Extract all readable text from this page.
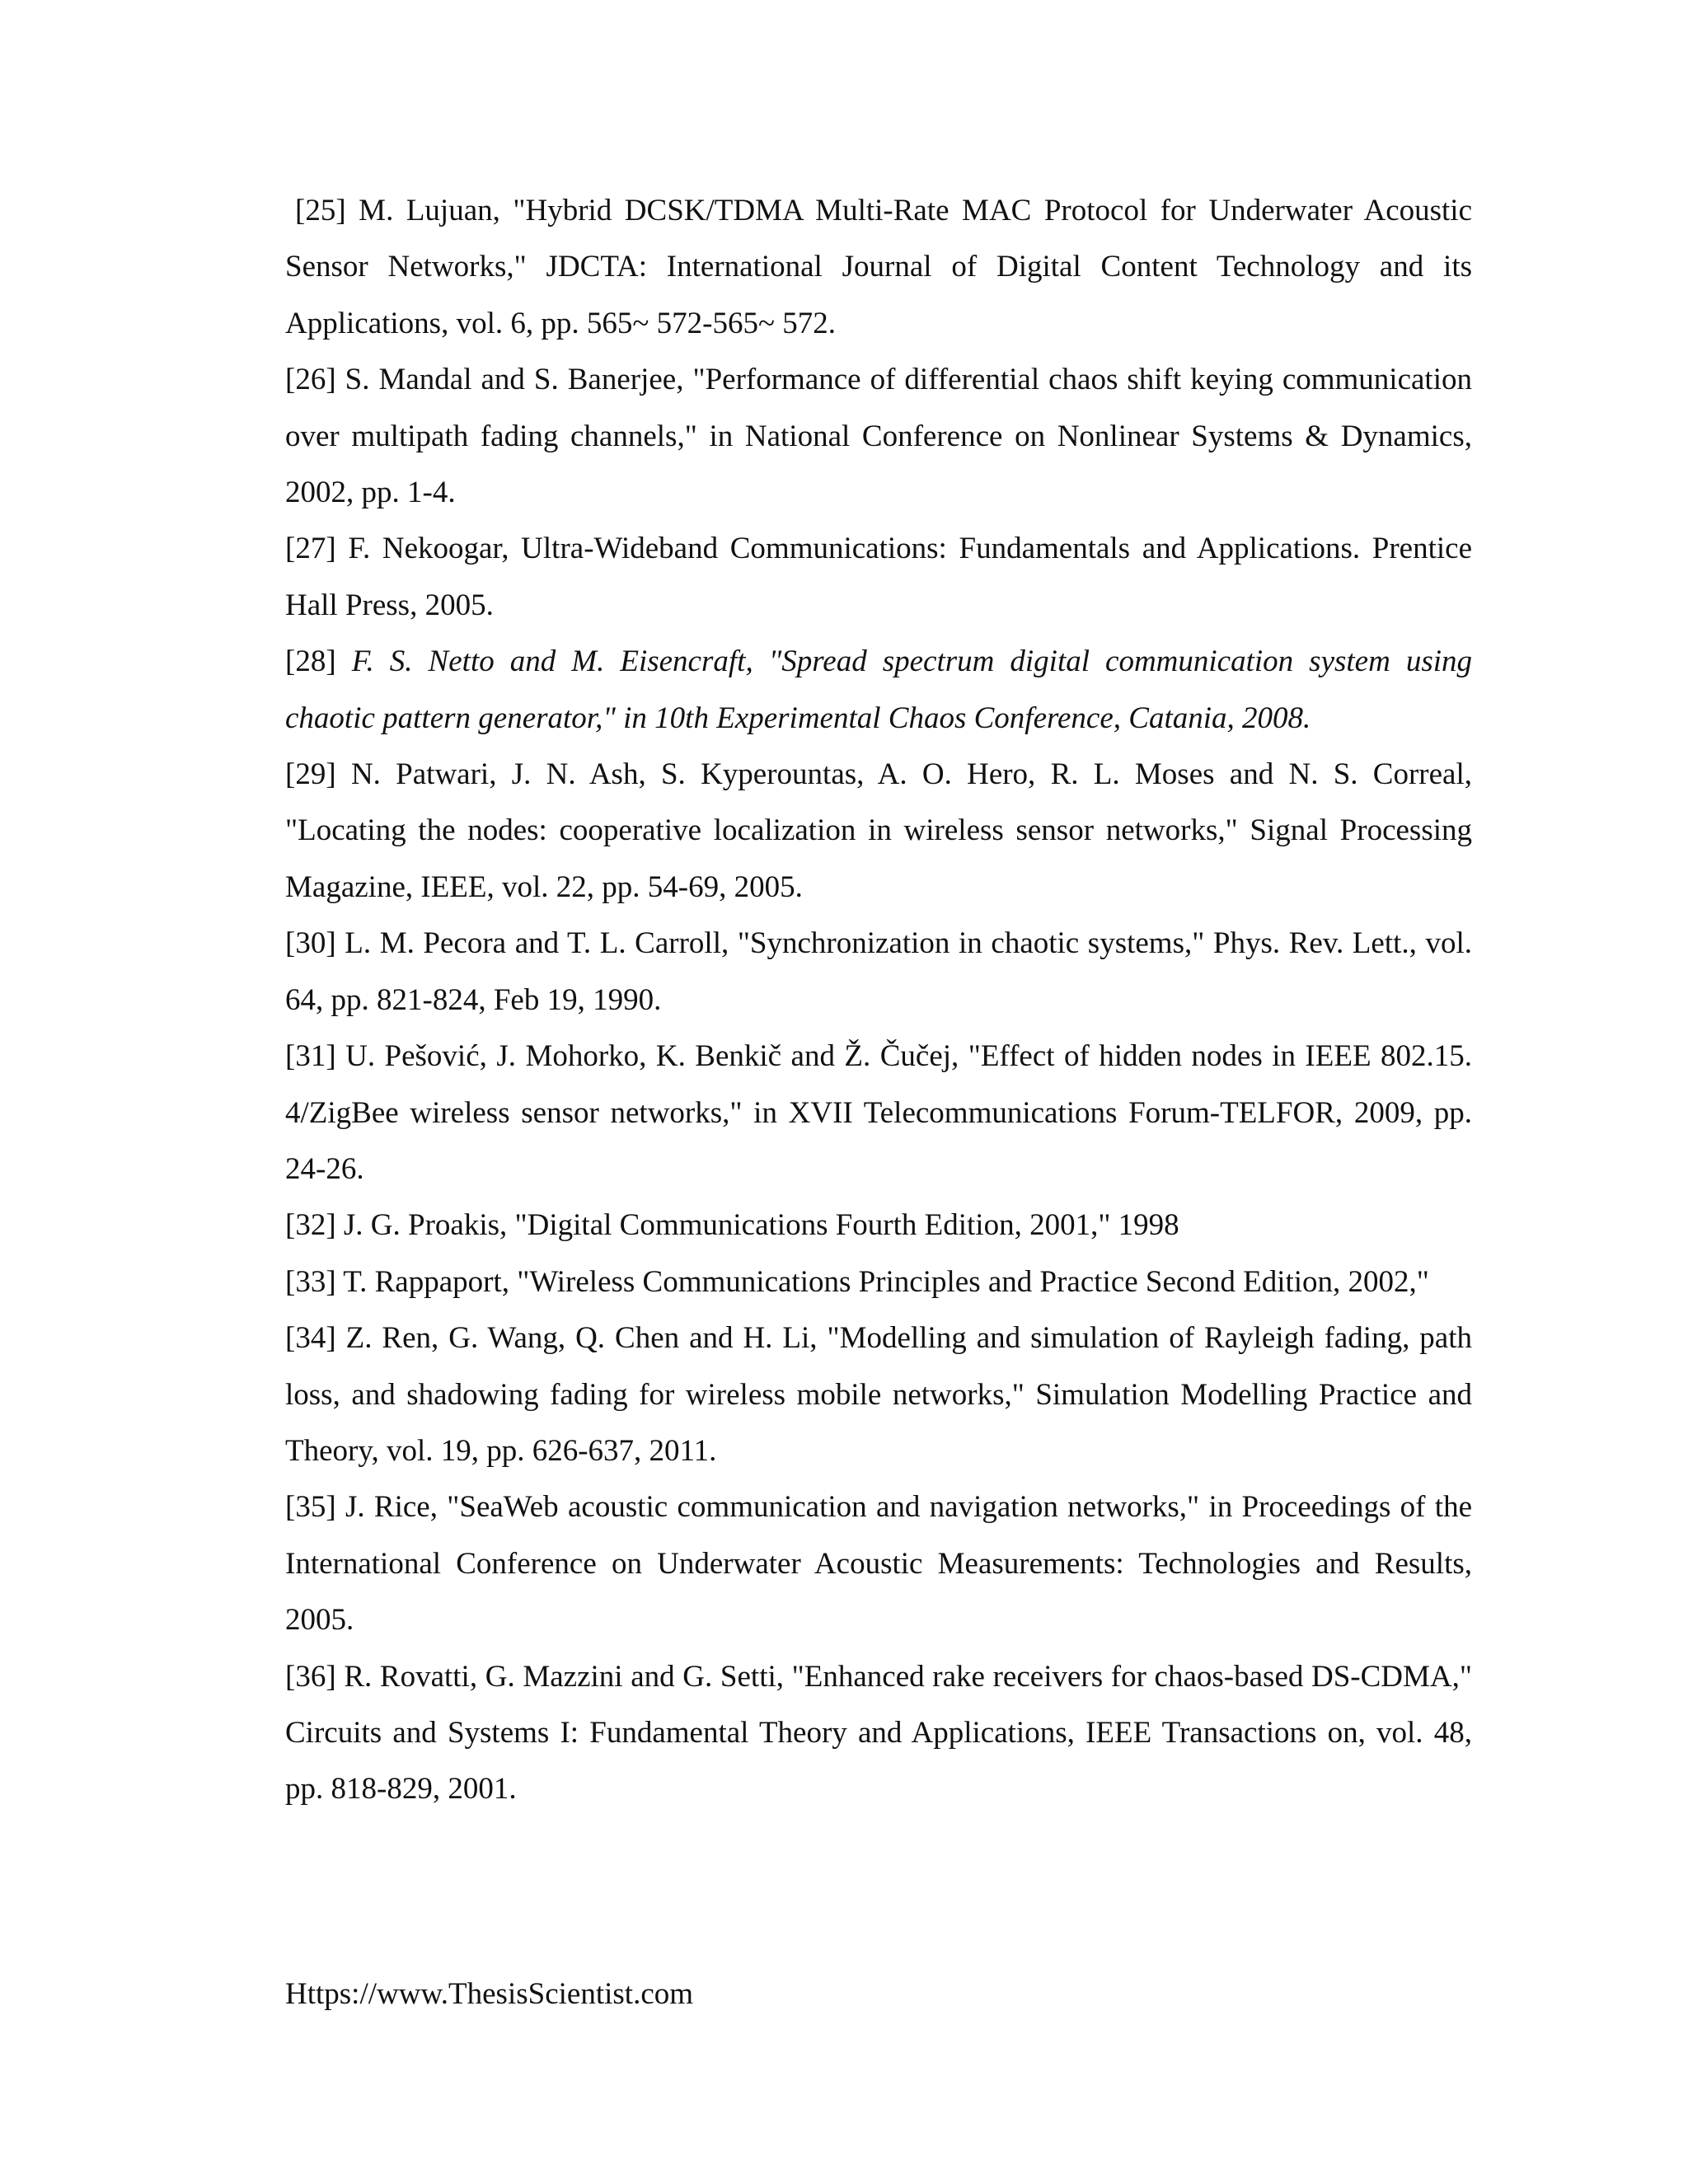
[25] M. Lujuan, "Hybrid DCSK/TDMA Multi-Rate MAC Protocol for Underwater Acoustic Sensor Networks," JDCTA: International Journal of Digital Content Technology and its Applications, vol. 6, pp. 565~ 572-565~ 572.

[26] S. Mandal and S. Banerjee, "Performance of differential chaos shift keying communication over multipath fading channels," in National Conference on Nonlinear Systems & Dynamics, 2002, pp. 1-4.

[27] F. Nekoogar, Ultra-Wideband Communications: Fundamentals and Applications. Prentice Hall Press, 2005.

[28] F. S. Netto and M. Eisencraft, "Spread spectrum digital communication system using chaotic pattern generator," in 10th Experimental Chaos Conference, Catania, 2008.

[29] N. Patwari, J. N. Ash, S. Kyperountas, A. O. Hero, R. L. Moses and N. S. Correal, "Locating the nodes: cooperative localization in wireless sensor networks," Signal Processing Magazine, IEEE, vol. 22, pp. 54-69, 2005.

[30] L. M. Pecora and T. L. Carroll, "Synchronization in chaotic systems," Phys. Rev. Lett., vol. 64, pp. 821-824, Feb 19, 1990.

[31] U. Pešović, J. Mohorko, K. Benkič and Ž. Čučej, "Effect of hidden nodes in IEEE 802.15. 4/ZigBee wireless sensor networks," in XVII Telecommunications Forum-TELFOR, 2009, pp. 24-26.

[32] J. G. Proakis, "Digital Communications Fourth Edition, 2001," 1998

[33] T. Rappaport, "Wireless Communications Principles and Practice Second Edition, 2002,"

[34] Z. Ren, G. Wang, Q. Chen and H. Li, "Modelling and simulation of Rayleigh fading, path loss, and shadowing fading for wireless mobile networks," Simulation Modelling Practice and Theory, vol. 19, pp. 626-637, 2011.

[35] J. Rice, "SeaWeb acoustic communication and navigation networks," in Proceedings of the International Conference on Underwater Acoustic Measurements: Technologies and Results, 2005.

[36] R. Rovatti, G. Mazzini and G. Setti, "Enhanced rake receivers for chaos-based DS-CDMA," Circuits and Systems I: Fundamental Theory and Applications, IEEE Transactions on, vol. 48, pp. 818-829, 2001.

Https://www.ThesisScientist.com
